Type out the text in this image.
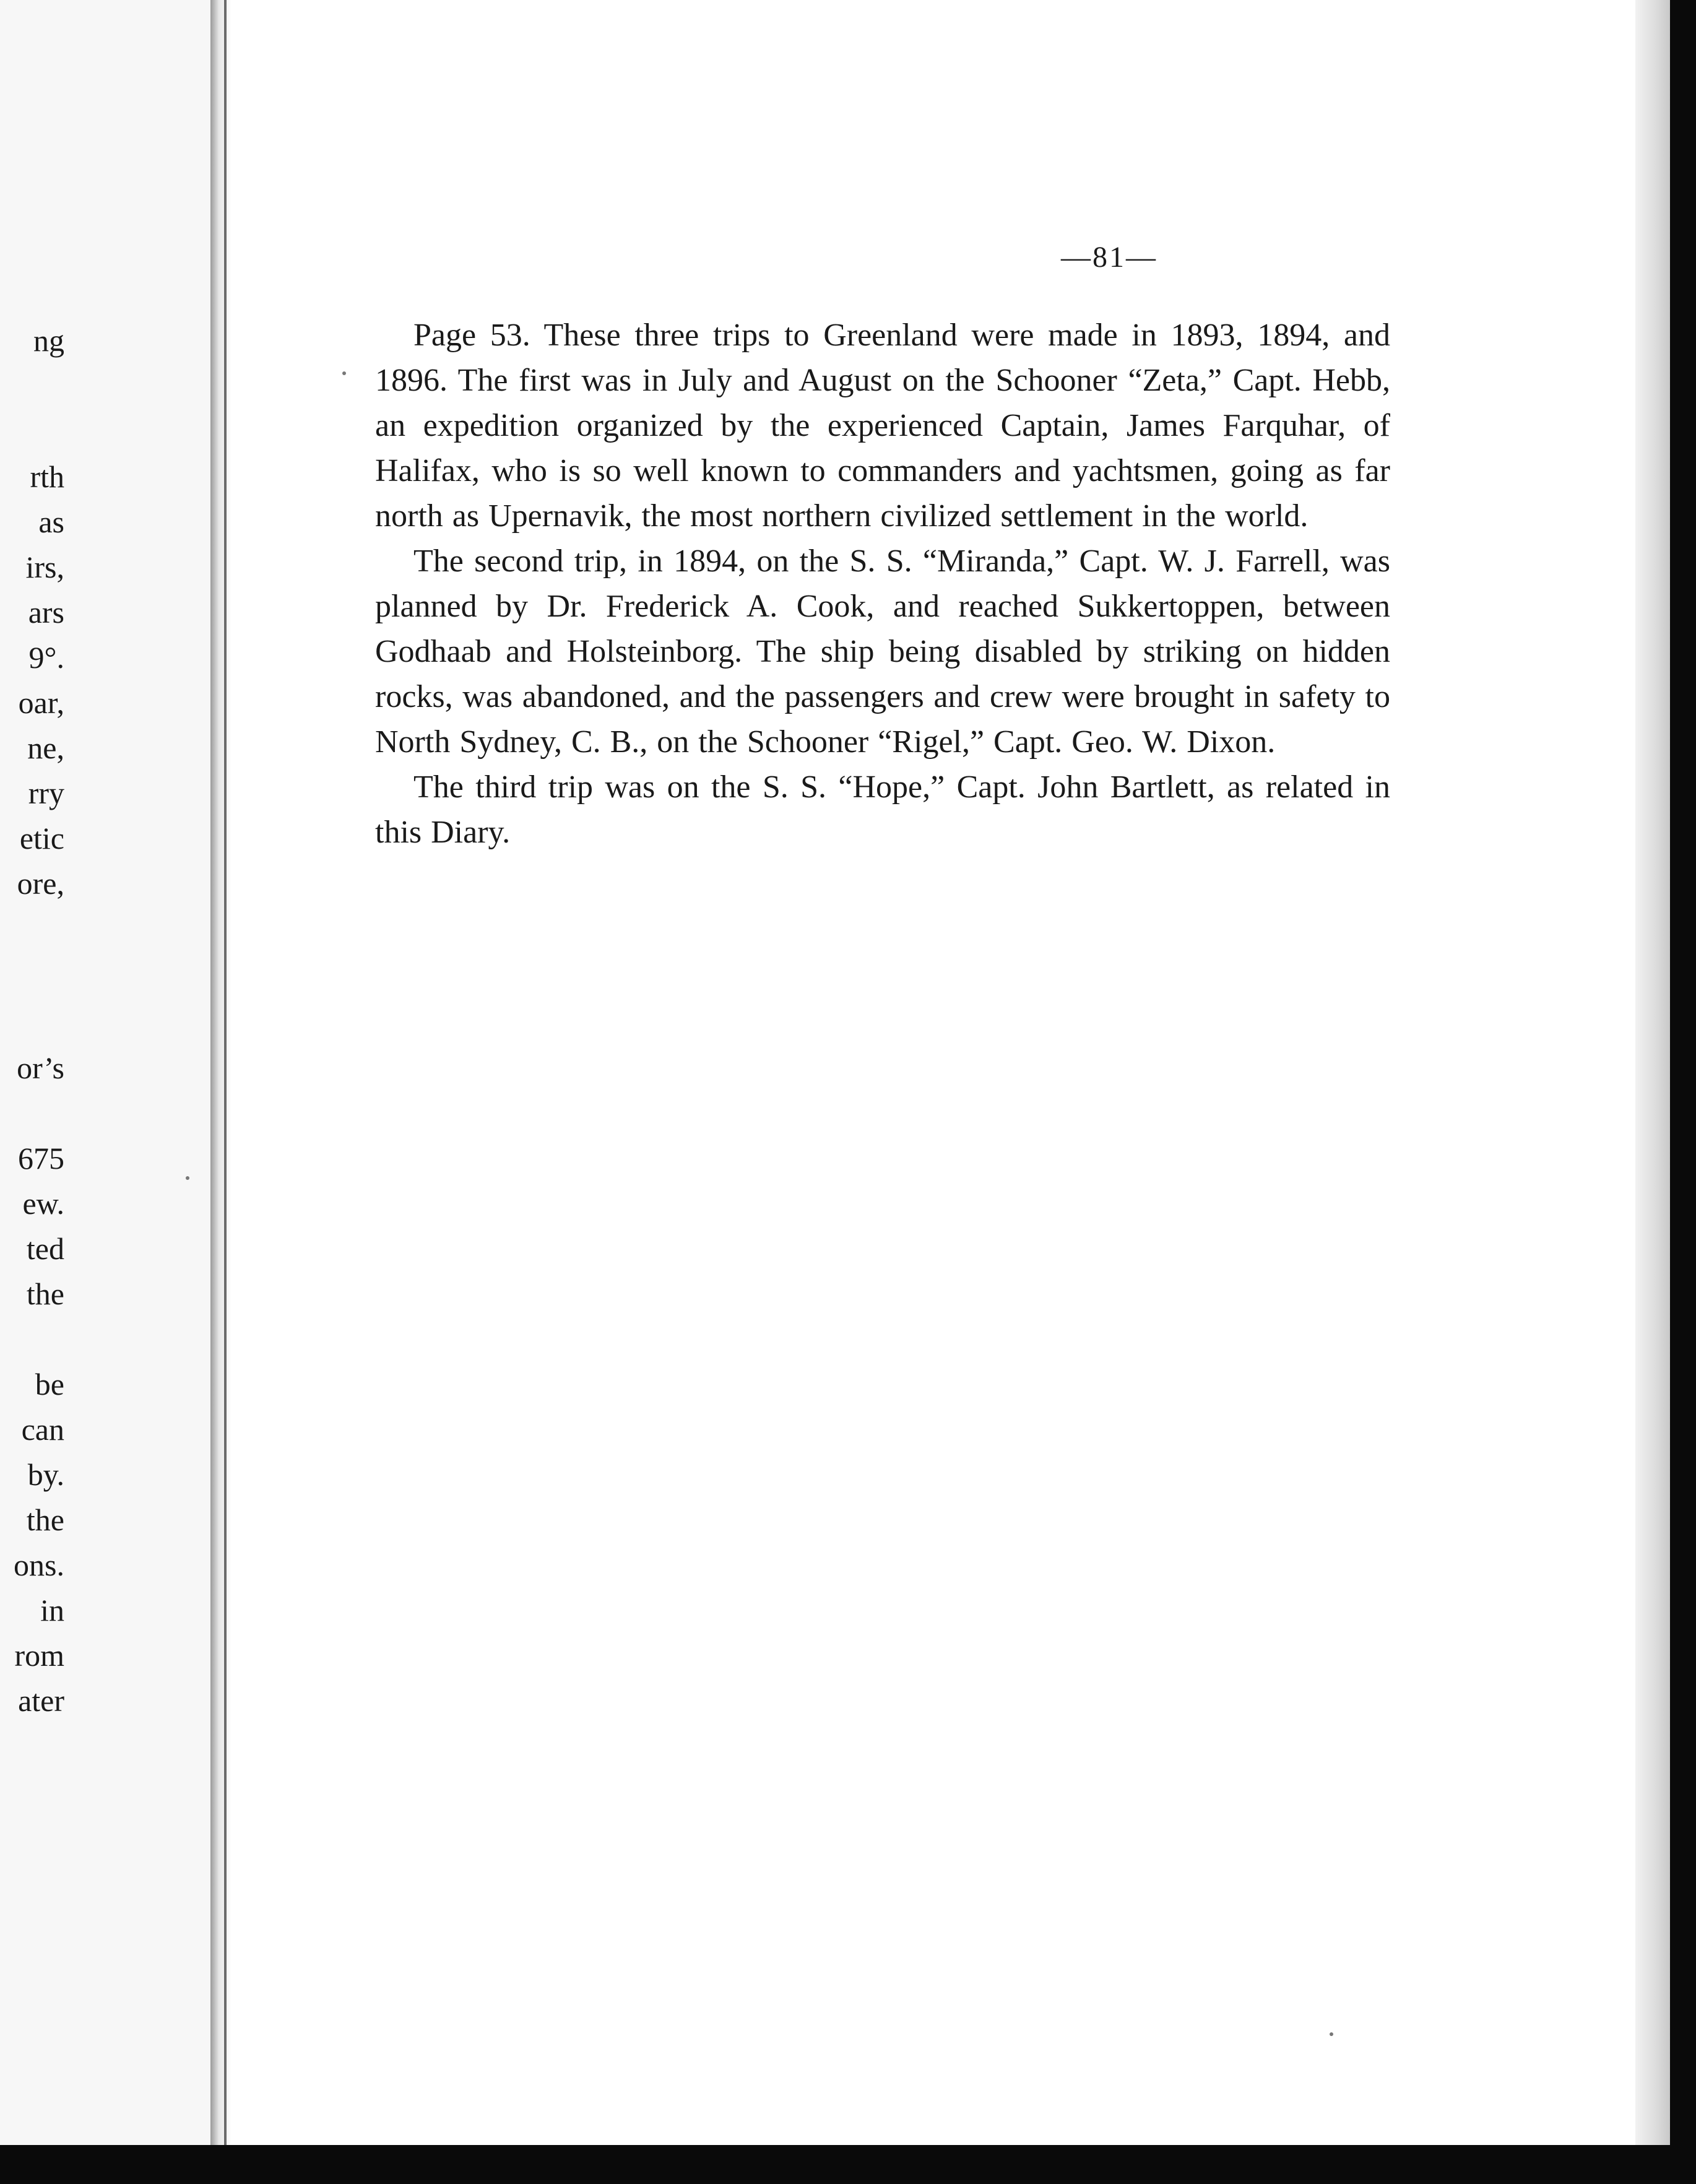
ng
rth
as
irs,
ars
9°.
oar,
ne,
rry
etic
ore,
or’s
675
ew.
ted
the
be
can
by.
the
ons.
in
rom
ater
—81—

Page 53. These three trips to Greenland were made in 1893, 1894, and 1896. The first was in July and August on the Schooner “Zeta,” Capt. Hebb, an expedition organized by the experienced Captain, James Farquhar, of Halifax, who is so well known to commanders and yachtsmen, going as far north as Upernavik, the most northern civilized settlement in the world.

The second trip, in 1894, on the S. S. “Miranda,” Capt. W. J. Farrell, was planned by Dr. Frederick A. Cook, and reached Sukkertoppen, between Godhaab and Holsteinborg. The ship being disabled by striking on hidden rocks, was abandoned, and the passengers and crew were brought in safety to North Sydney, C. B., on the Schooner “Rigel,” Capt. Geo. W. Dixon.

The third trip was on the S. S. “Hope,” Capt. John Bartlett, as related in this Diary.
